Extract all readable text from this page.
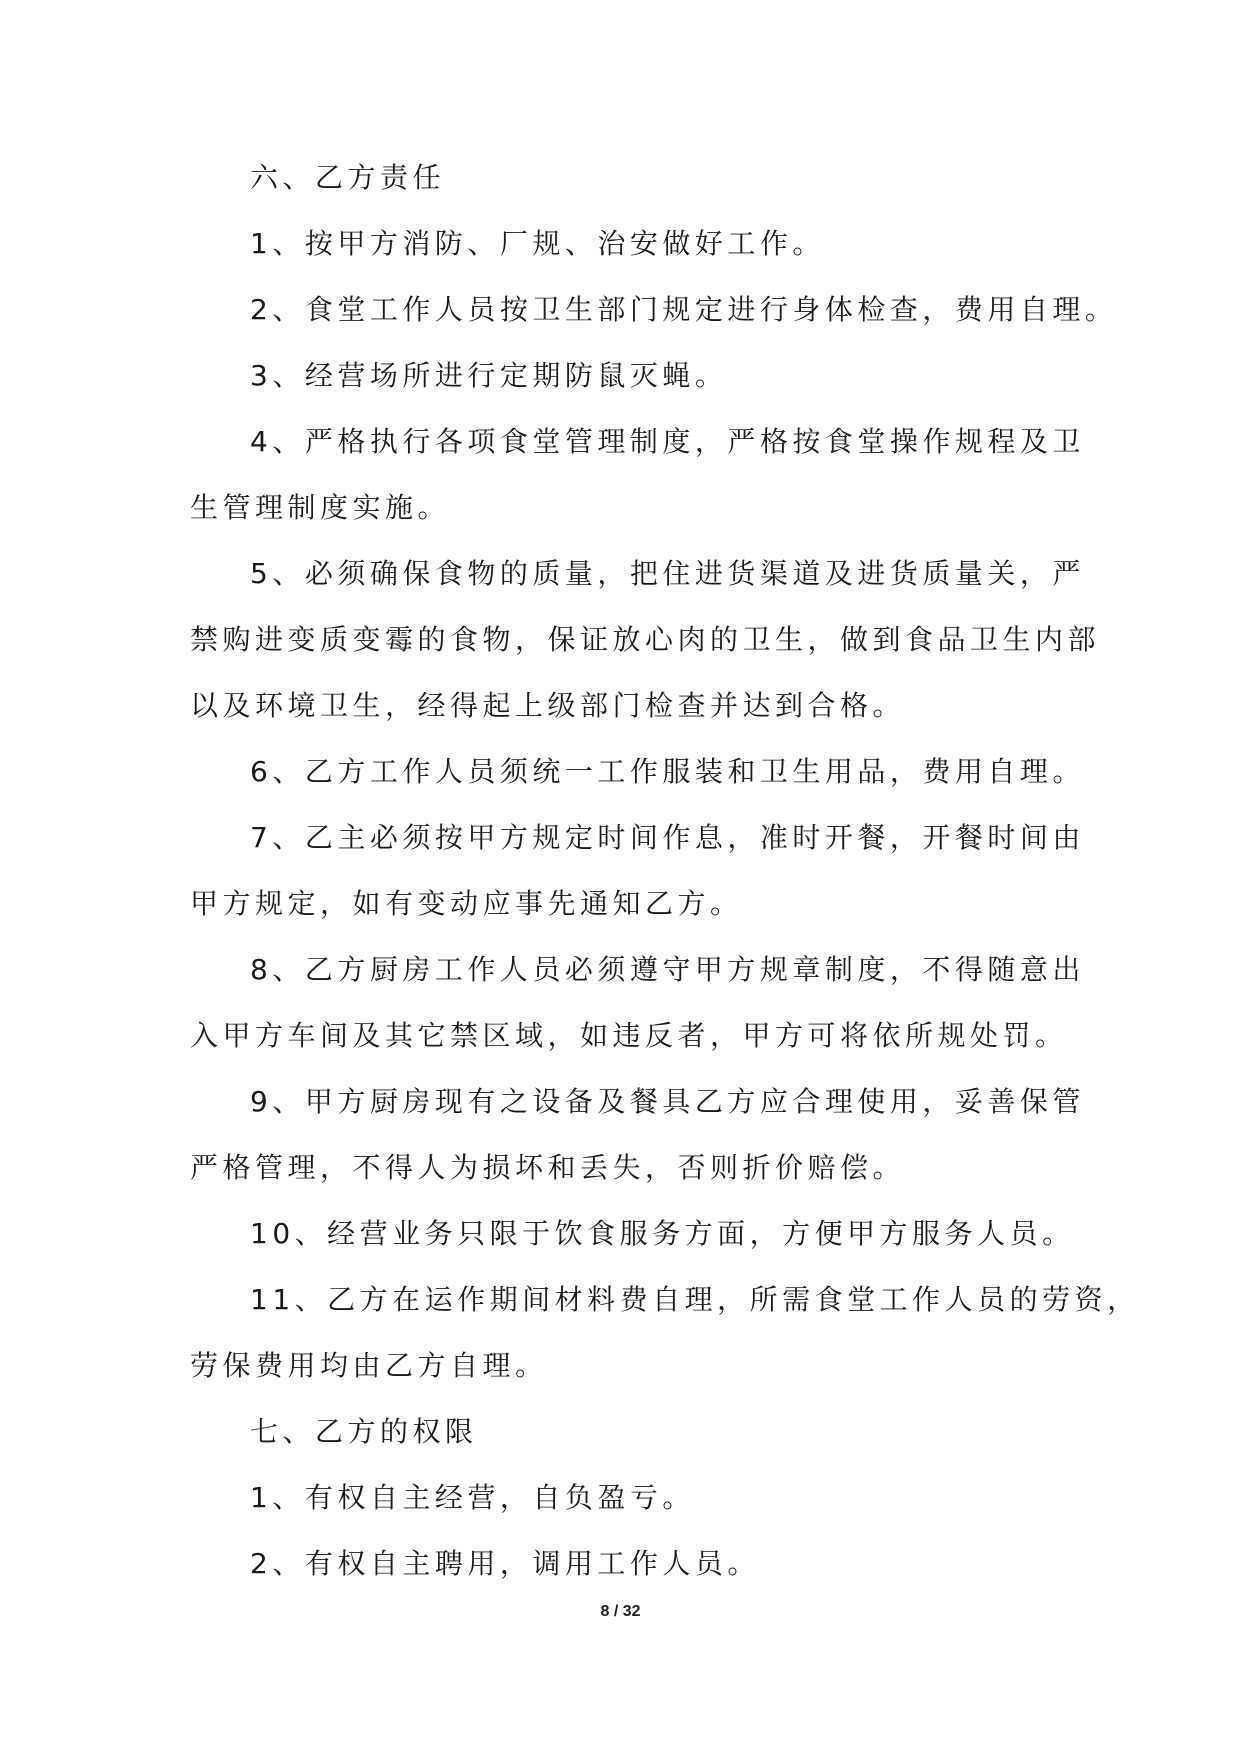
六、乙方责任
1、按甲方消防、厂规、治安做好工作。
2、食堂工作人员按卫生部门规定进行身体检查，费用自理。
3、经营场所进行定期防鼠灭蝇。
4、严格执行各项食堂管理制度，严格按食堂操作规程及卫
生管理制度实施。
5、必须确保食物的质量，把住进货渠道及进货质量关，严
禁购进变质变霉的食物，保证放心肉的卫生，做到食品卫生内部
以及环境卫生，经得起上级部门检查并达到合格。
6、乙方工作人员须统一工作服装和卫生用品，费用自理。
7、乙主必须按甲方规定时间作息，准时开餐，开餐时间由
甲方规定，如有变动应事先通知乙方。
8、乙方厨房工作人员必须遵守甲方规章制度，不得随意出
入甲方车间及其它禁区域，如违反者，甲方可将依所规处罚。
9、甲方厨房现有之设备及餐具乙方应合理使用，妥善保管
严格管理，不得人为损坏和丢失，否则折价赔偿。
10、经营业务只限于饮食服务方面，方便甲方服务人员。
11、乙方在运作期间材料费自理，所需食堂工作人员的劳资，
劳保费用均由乙方自理。
七、乙方的权限
1、有权自主经营，自负盈亏。
2、有权自主聘用，调用工作人员。
8 / 32
